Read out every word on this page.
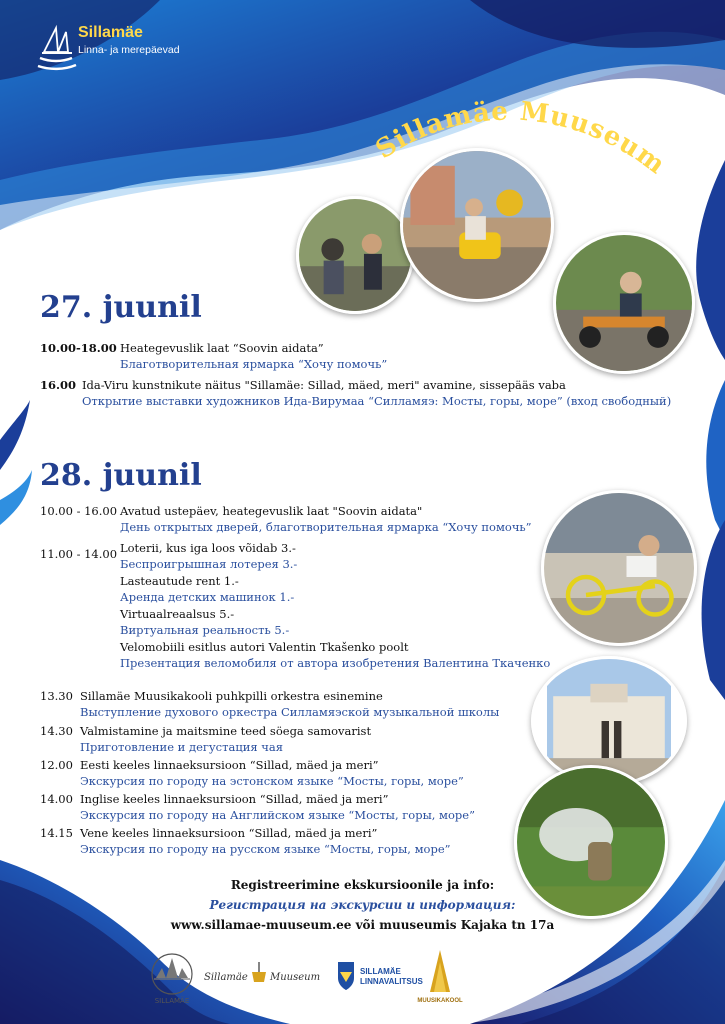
Sillamäe
Linna- ja merepäevad
Sillamäe Muuseum
27. juunil
10.00-18.00 Heategevuslik laat “Soovin aidata”
Благотворительная ярмарка “Хочу помочь”
16.00 Ida-Viru kunstnikute näitus "Sillamäe: Sillad, mäed, meri" avamine, sissepääs vaba
Открытие выставки художников Ида-Вирумаа “Силламяэ: Мосты, горы, море” (вход свободный)
28. juunil
10.00 - 16.00 Avatud ustepäev, heategevuslik laat "Soovin aidata"
День открытых дверей, благотворительная ярмарка “Хочу помочь”
11.00 - 14.00 Loterii, kus iga loos võidab 3.-
Беспроигрышная лотерея 3.-
Lasteautude rent 1.-
Аренда детских машинок 1.-
Virtuaalreaalsus 5.-
Виртуальная реальность 5.-
Velomobiili esitlus autori Valentin Tkašenko poolt
Презентация веломобиля от автора изобретения Валентина Ткаченко
13.30 Sillamäe Muusikakooli puhkpilli orkestra esinemine
Выступление духового оркестра Силламяэской музыкальной школы
14.30 Valmistamine ja maitsmine teed söega samovarist
Приготовление и дегустация чая
12.00 Eesti keeles linnaeksursioon “Sillad, mäed ja meri”
Экскурсия по городу на эстонском языке “Мосты, горы, море”
14.00 Inglise keeles linnaeksursioon “Sillad, mäed ja meri”
Экскурсия по городу на Английском языке “Мосты, горы, море”
14.15 Vene keeles linnaeksursioon “Sillad, mäed ja meri”
Экскурсия по городу на русском языке “Мосты, горы, море”
Registreerimine ekskursioonile ja info:
Регистрация на экскурсии и информация:
www.sillamae-muuseum.ee või muuseumis Kajaka tn 17a
SILLAMÄE
Sillamäe Muuseum
SILLAMÄE
LINNAVALITSUS
MUUSIKAKOOL
